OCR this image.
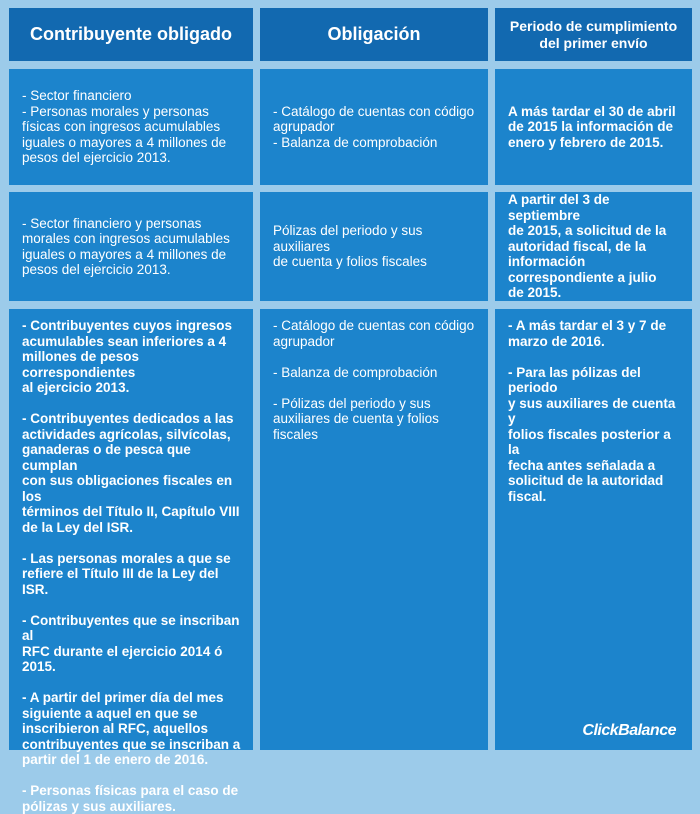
Contribuyente obligado	Obligación	Periodo de cumplimiento
del primer envío
- Sector financiero
- Personas morales y personas
físicas con ingresos acumulables
iguales o mayores a 4 millones de
pesos del ejercicio 2013.
- Catálogo de cuentas con código
agrupador
- Balanza de comprobación
A más tardar el 30 de abril
de 2015 la información de
enero y febrero de 2015.
- Sector financiero y personas
morales con ingresos acumulables
iguales o mayores a 4 millones de
pesos del ejercicio 2013.
Pólizas del periodo y sus auxiliares
de cuenta y folios fiscales
A partir del 3 de septiembre
de 2015, a solicitud de la
autoridad fiscal, de la
información
correspondiente a julio
de 2015.
- Contribuyentes cuyos ingresos
acumulables sean inferiores a 4
millones de pesos correspondientes
al ejercicio 2013.
- Contribuyentes dedicados a las
actividades agrícolas, silvícolas,
ganaderas o de pesca que cumplan
con sus obligaciones fiscales en los
términos del Título II, Capítulo VIII
de la Ley del ISR.
- Las personas morales a que se
refiere el Título III de la Ley del ISR.
- Contribuyentes que se inscriban al
RFC durante el ejercicio 2014 ó
2015.
- A partir del primer día del mes
siguiente a aquel en que se
inscribieron al RFC, aquellos
contribuyentes que se inscriban a
partir del 1 de enero de 2016.
- Personas físicas para el caso de
pólizas y sus auxiliares.
- Catálogo de cuentas con código
agrupador
- Balanza de comprobación
- Pólizas del periodo y sus
auxiliares de cuenta y folios
fiscales
- A más tardar el 3 y 7 de
marzo de 2016.
- Para las pólizas del periodo
y sus auxiliares de cuenta y
folios fiscales posterior a la
fecha antes señalada a
solicitud de la autoridad
fiscal.
ClickBalance
